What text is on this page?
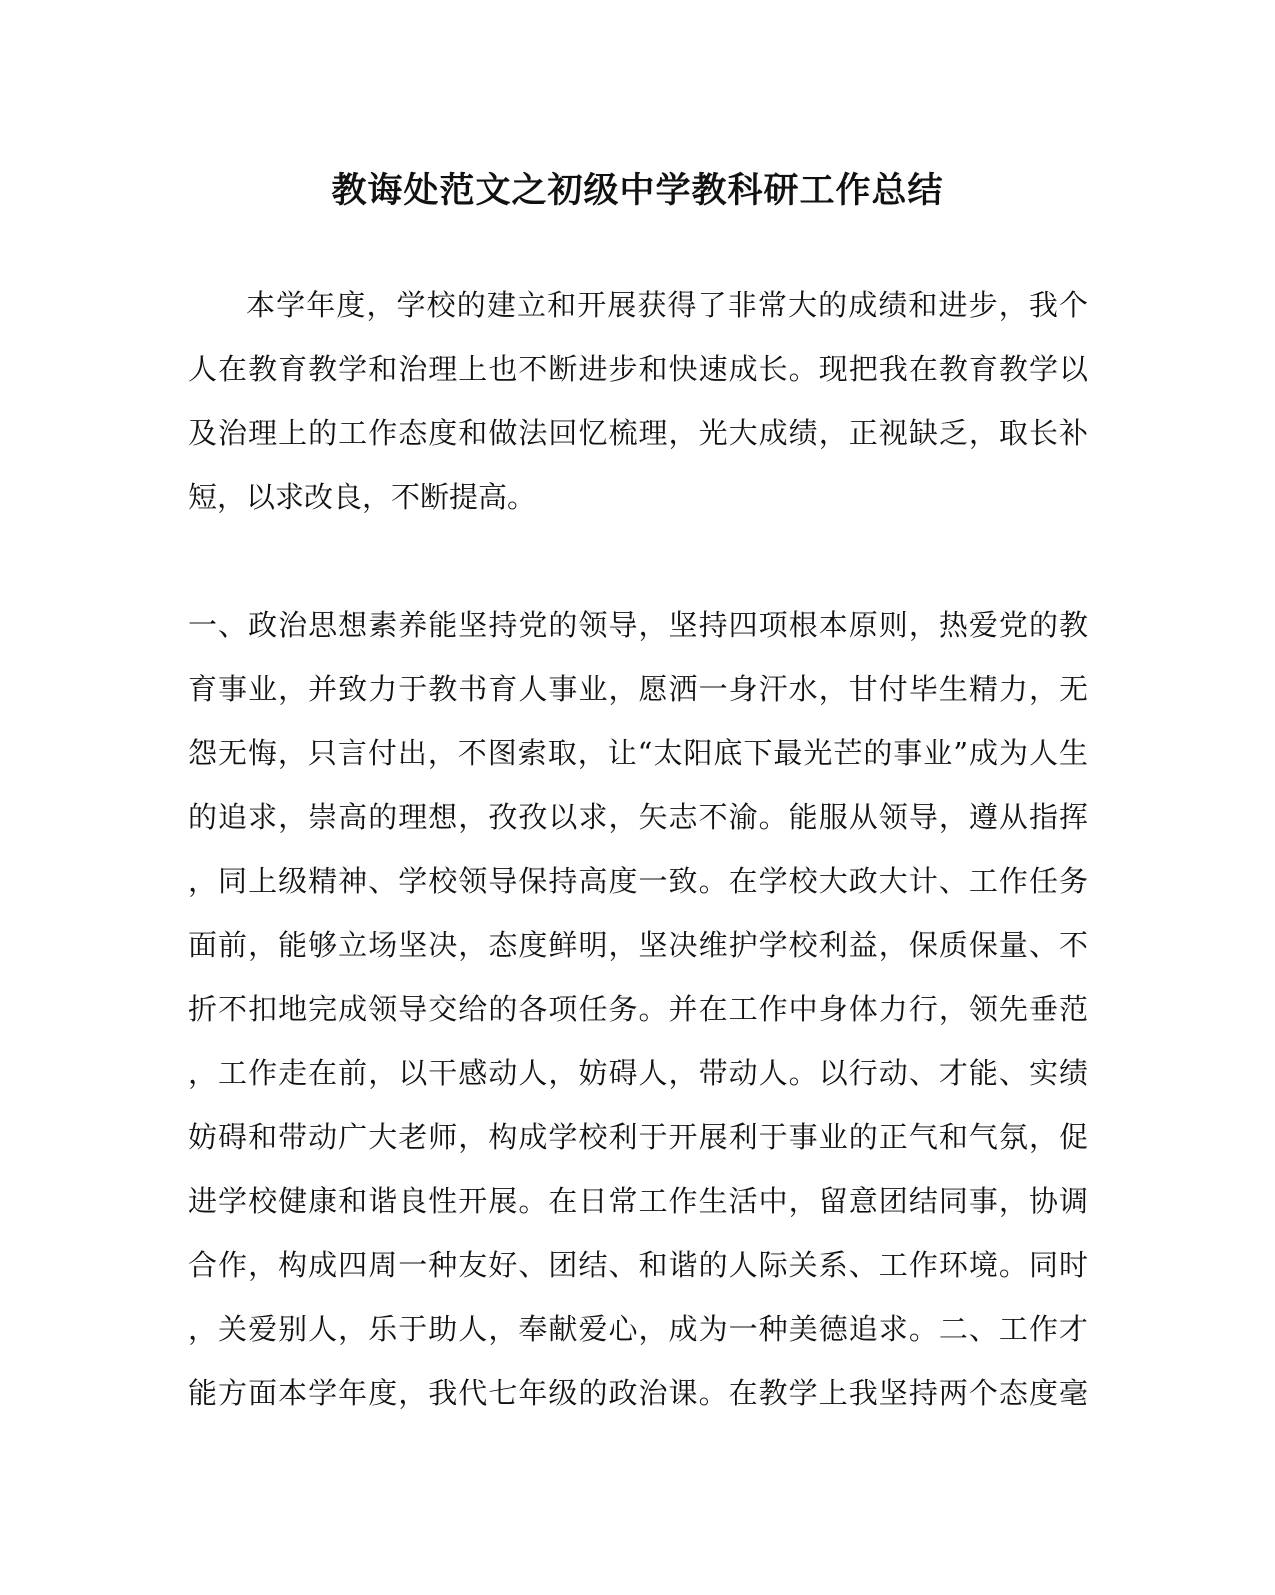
教诲处范文之初级中学教科研工作总结
本学年度，学校的建立和开展获得了非常大的成绩和进步，我个
人在教育教学和治理上也不断进步和快速成长。现把我在教育教学以
及治理上的工作态度和做法回忆梳理，光大成绩，正视缺乏，取长补
短，以求改良，不断提高。
一、政治思想素养能坚持党的领导，坚持四项根本原则，热爱党的教
育事业，并致力于教书育人事业，愿洒一身汗水，甘付毕生精力，无
怨无悔，只言付出，不图索取，让“太阳底下最光芒的事业”成为人生
的追求，崇高的理想，孜孜以求，矢志不渝。能服从领导，遵从指挥
，同上级精神、学校领导保持高度一致。在学校大政大计、工作任务
面前，能够立场坚决，态度鲜明，坚决维护学校利益，保质保量、不
折不扣地完成领导交给的各项任务。并在工作中身体力行，领先垂范
，工作走在前，以干感动人，妨碍人，带动人。以行动、才能、实绩
妨碍和带动广大老师，构成学校利于开展利于事业的正气和气氛，促
进学校健康和谐良性开展。在日常工作生活中，留意团结同事，协调
合作，构成四周一种友好、团结、和谐的人际关系、工作环境。同时
，关爱别人，乐于助人，奉献爱心，成为一种美德追求。二、工作才
能方面本学年度，我代七年级的政治课。在教学上我坚持两个态度毫
